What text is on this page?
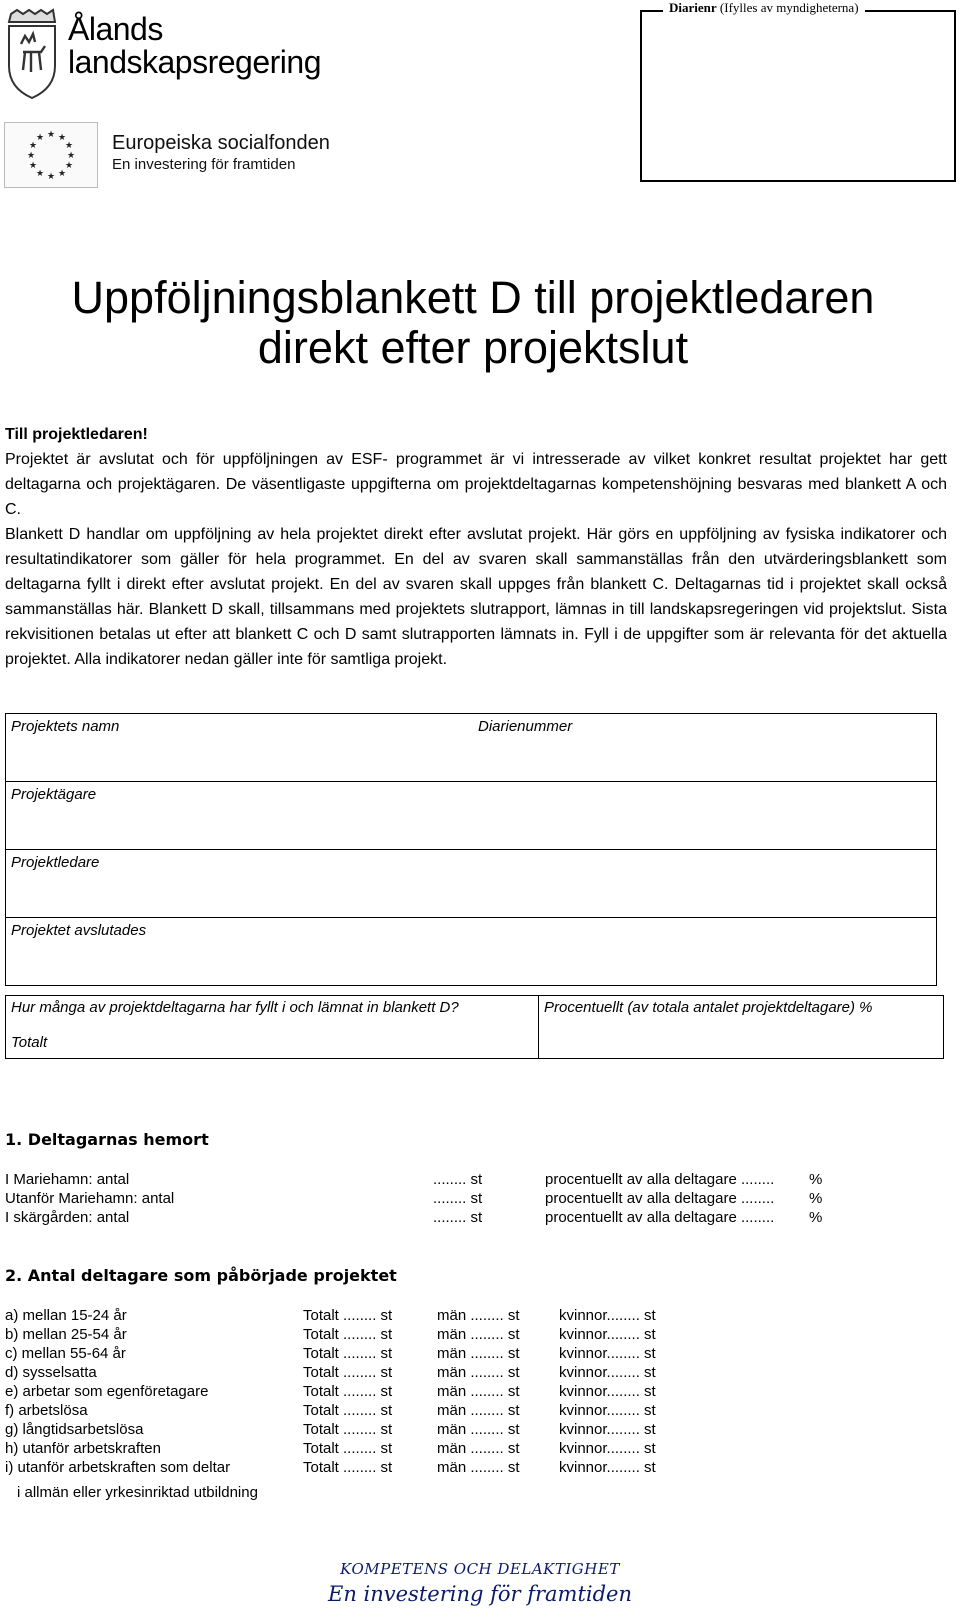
Ålands
landskapsregering
★ ★
★
★
★
★
★
★
★
★
★
★	Europeiska socialfonden
En investering för framtiden
Diarienr (Ifylles av myndigheterna)
Uppföljningsblankett D till projektledaren
direkt efter projektslut

Till projektledaren!

Projektet är avslutat och för uppföljningen av ESF- programmet är vi intresserade av vilket konkret resultat projektet har gett deltagarna och projektägaren. De väsentligaste uppgifterna om projektdeltagarnas kompetenshöjning besvaras med blankett A och C.

Blankett D handlar om uppföljning av hela projektet direkt efter avslutat projekt. Här görs en uppföljning av fysiska indikatorer och resultatindikatorer som gäller för hela programmet. En del av svaren skall sammanställas från den utvärderingsblankett som deltagarna fyllt i direkt efter avslutat projekt. En del av svaren skall uppges från blankett C. Deltagarnas tid i projektet skall också sammanställas här. Blankett D skall, tillsammans med projektets slutrapport, lämnas in till landskapsregeringen vid projektslut. Sista rekvisitionen betalas ut efter att blankett C och D samt slutrapporten lämnats in. Fyll i de uppgifter som är relevanta för det aktuella projektet. Alla indikatorer nedan gäller inte för samtliga projekt.

Projektets namn	Diarienummer

Projektägare
Projektledare
Projektet avslutades
Hur många av projektdeltagarna har fyllt i och lämnat in blankett D?
Totalt

Procentuellt (av totala antalet projektdeltagare) %
1. Deltagarnas hemort
I Mariehamn: antal	........ st	procentuellt av alla deltagare ........ %
Utanför Mariehamn: antal	........ st	procentuellt av alla deltagare ........ %
I skärgården: antal	........ st	procentuellt av alla deltagare ........ %
2. Antal deltagare som påbörjade projektet
a) mellan 15-24 år	Totalt ........ st	män ........ st	kvinnor........ st
b) mellan 25-54 år	Totalt ........ st	män ........ st	kvinnor........ st
c) mellan 55-64 år	Totalt ........ st	män ........ st	kvinnor........ st
d) sysselsatta	Totalt ........ st	män ........ st	kvinnor........ st
e) arbetar som egenföretagare	Totalt ........ st	män ........ st	kvinnor........ st
f) arbetslösa	Totalt ........ st	män ........ st	kvinnor........ st
g) långtidsarbetslösa	Totalt ........ st	män ........ st	kvinnor........ st
h) utanför arbetskraften	Totalt ........ st	män ........ st	kvinnor........ st
i) utanför arbetskraften som deltar	Totalt ........ st	män ........ st	kvinnor........ st
i allmän eller yrkesinriktad utbildning
KOMPETENS OCH DELAKTIGHET
En investering för framtiden
